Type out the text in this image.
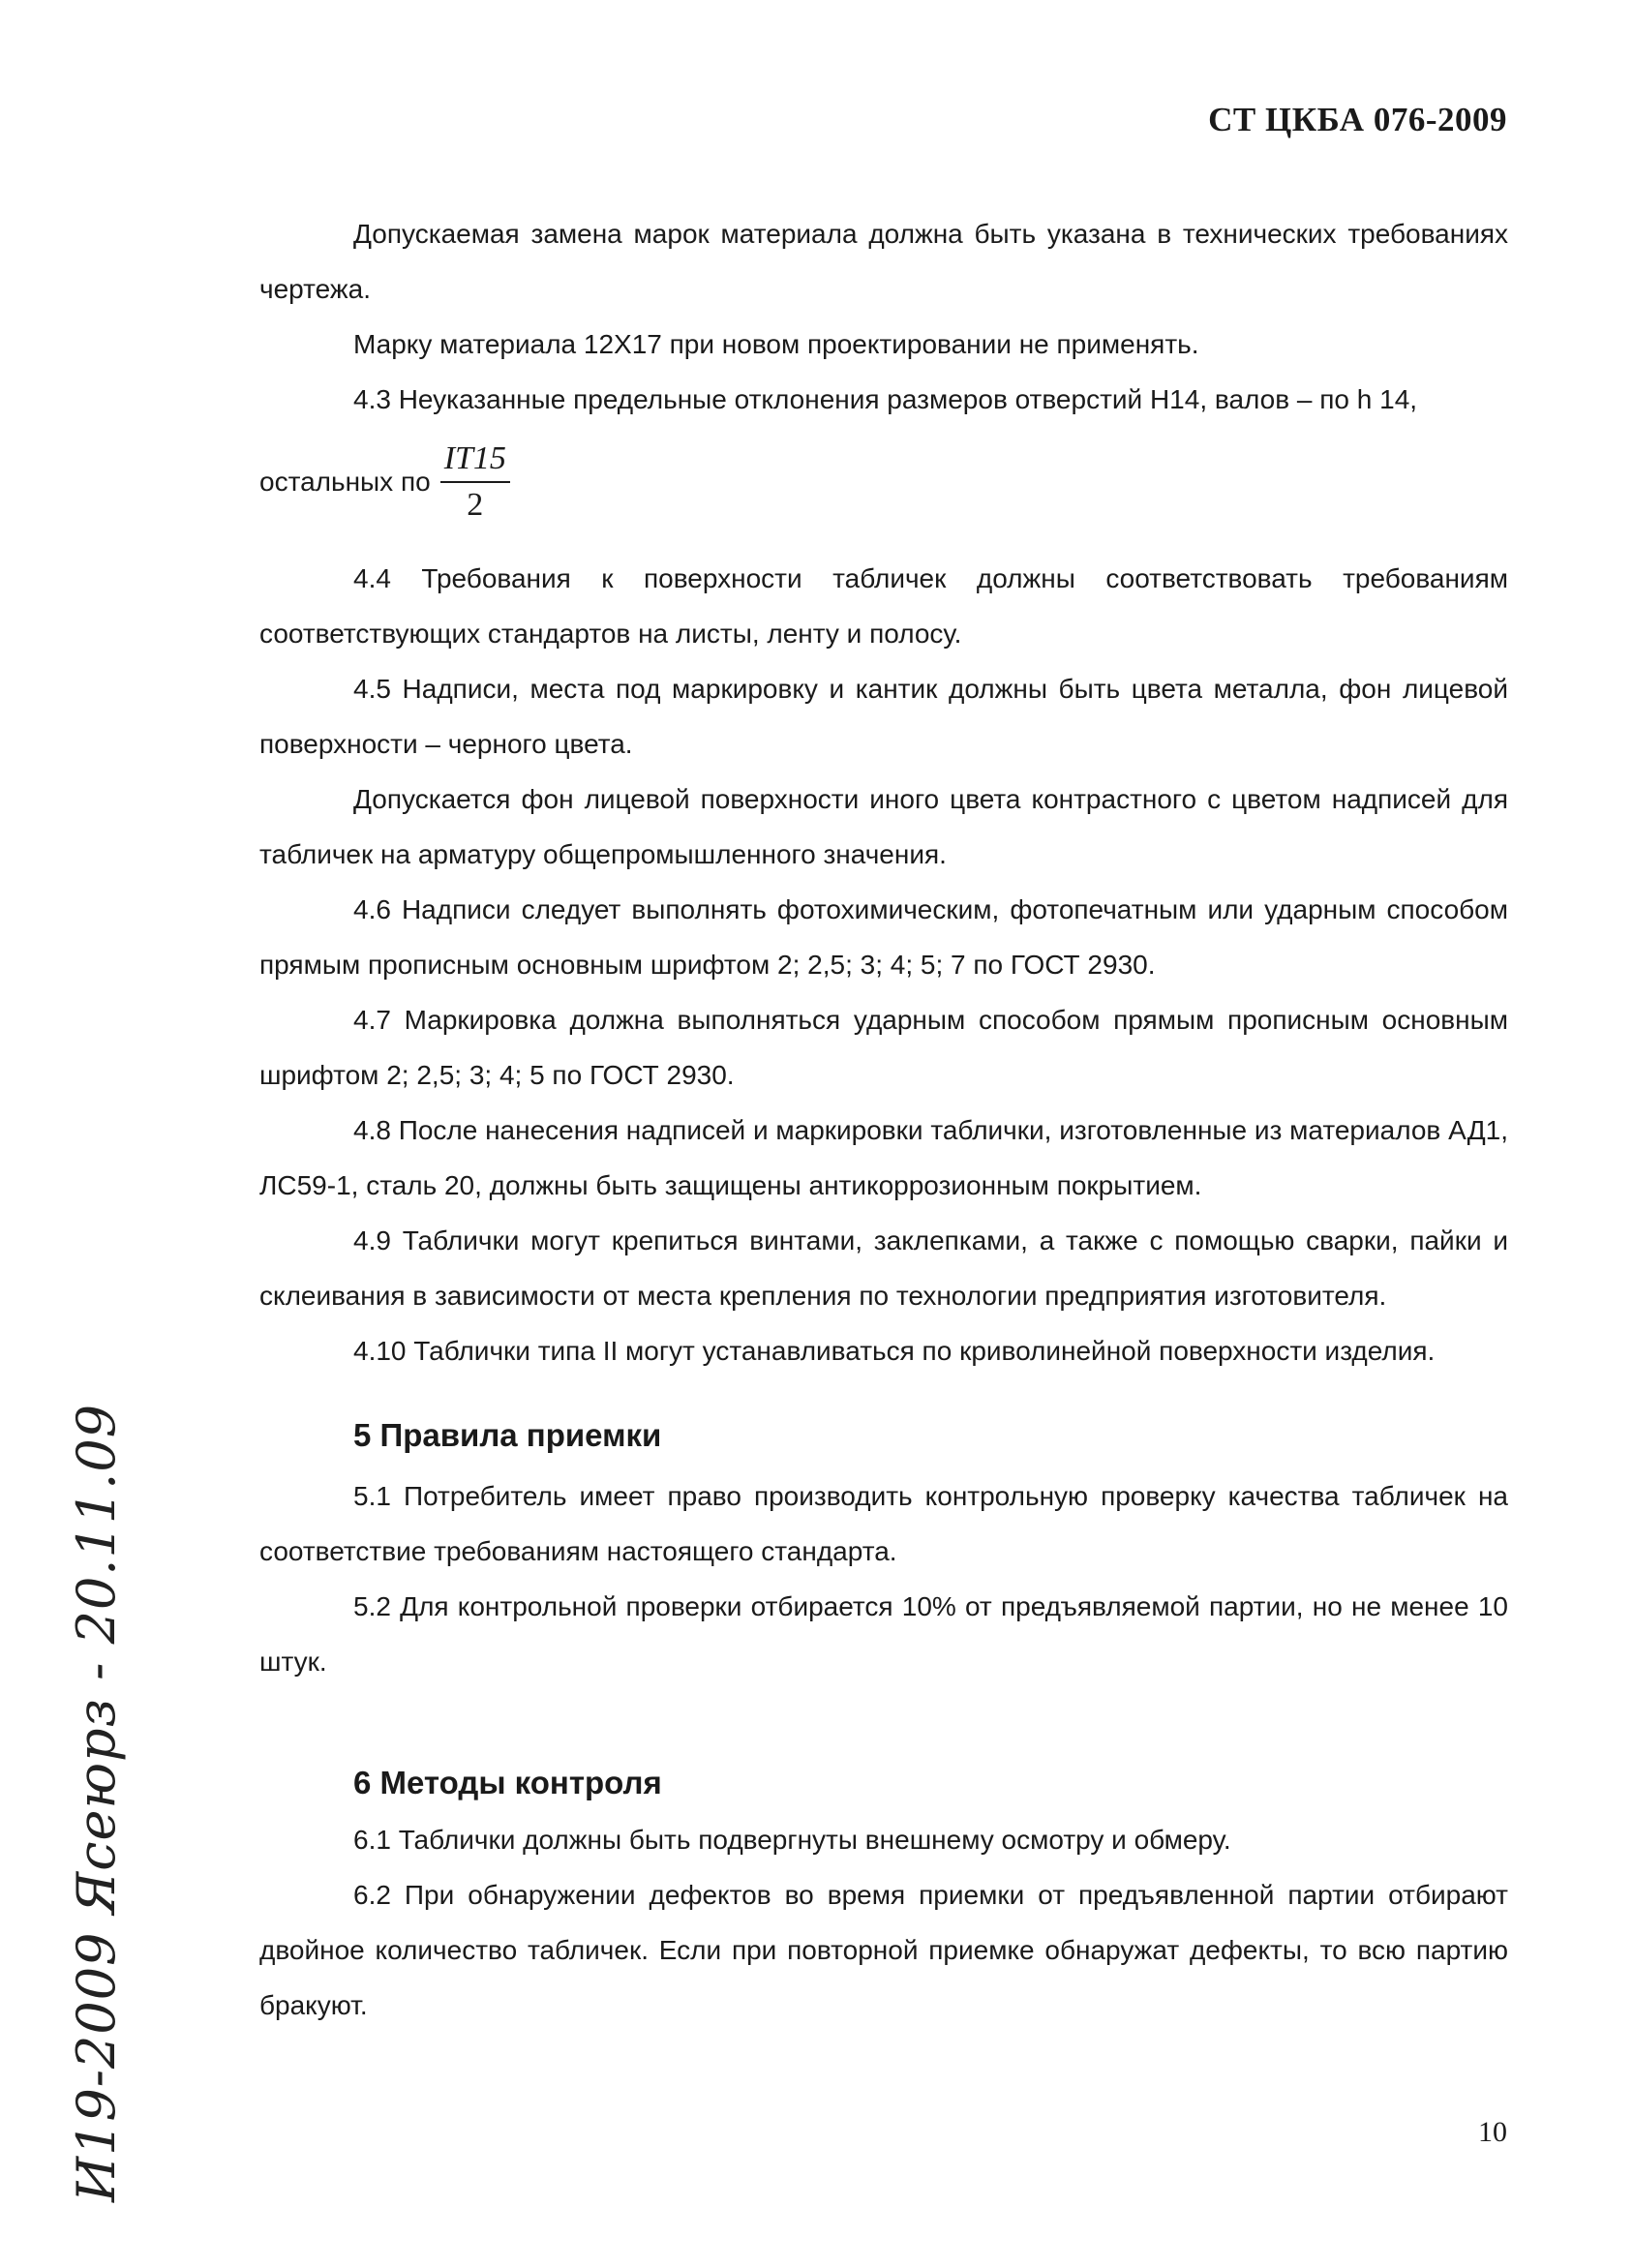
СТ ЦКБА 076-2009

Допускаемая замена марок материала должна быть указана в технических требованиях чертежа.

Марку материала 12Х17 при новом проектировании не применять.

4.3 Неуказанные предельные отклонения размеров отверстий Н14, валов – по h 14,

остальных по $\frac{IT15}{2}$

4.4 Требования к поверхности табличек должны соответствовать требованиям соответствующих стандартов на листы, ленту и полосу.

4.5 Надписи, места под маркировку и кантик должны быть цвета металла, фон лицевой поверхности – черного цвета.

Допускается фон лицевой поверхности иного цвета контрастного с цветом надписей для табличек на арматуру общепромышленного значения.

4.6 Надписи следует выполнять фотохимическим, фотопечатным или ударным способом прямым прописным основным шрифтом 2; 2,5; 3; 4; 5; 7 по ГОСТ 2930.

4.7 Маркировка должна выполняться ударным способом прямым прописным основным шрифтом 2; 2,5; 3; 4; 5 по ГОСТ 2930.

4.8 После нанесения надписей и маркировки таблички, изготовленные из материалов АД1, ЛС59-1, сталь 20, должны быть защищены антикоррозионным покрытием.

4.9 Таблички могут крепиться винтами, заклепками, а также с помощью сварки, пайки и склеивания в зависимости от места крепления по технологии предприятия изготовителя.

4.10 Таблички типа II могут устанавливаться по криволинейной поверхности изделия.

5 Правила приемки

5.1 Потребитель имеет право производить контрольную проверку качества табличек на соответствие требованиям настоящего стандарта.

5.2 Для контрольной проверки отбирается 10% от предъявляемой партии, но не менее 10 штук.

6 Методы контроля

6.1 Таблички должны быть подвергнуты внешнему осмотру и обмеру.

6.2 При обнаружении дефектов во время приемки от предъявленной партии отбирают двойное количество табличек. Если при повторной приемке обнаружат дефекты, то всю партию бракуют.

10
И19-2009 Ясеюрз - 20.11.09
